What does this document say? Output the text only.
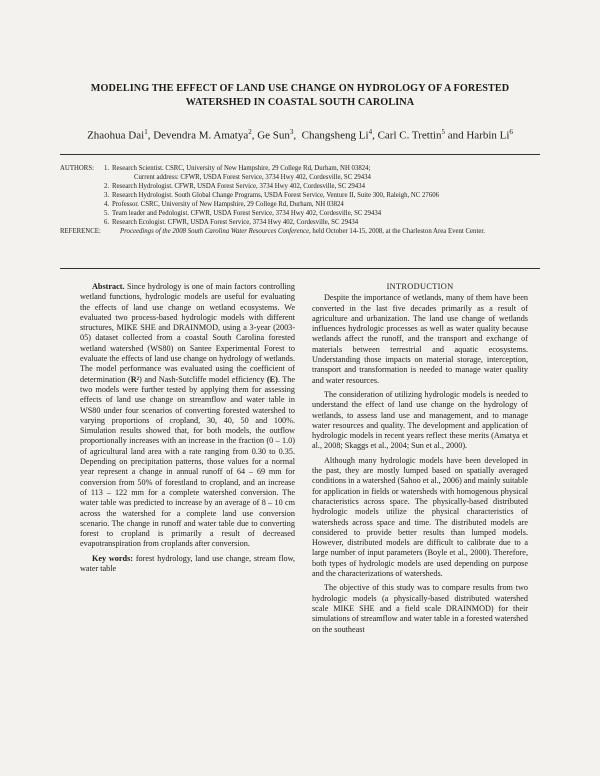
MODELING THE EFFECT OF LAND USE CHANGE ON HYDROLOGY OF A FORESTED
WATERSHED IN COASTAL SOUTH CAROLINA
Zhaohua Dai$^1$, Devendra M. Amatya$^2$, Ge Sun$^3$,  Changsheng Li$^4$, Carl C. Trettin$^5$ and Harbin Li$^6$
AUTHORS:	1. Research Scientist. CSRC, University of New Hampshire, 29 College Rd, Durham, NH 03824;
Current address: CFWR, USDA Forest Service, 3734 Hwy 402, Cordesville, SC 29434
2. Research Hydrologist. CFWR, USDA Forest Service, 3734 Hwy 402, Cordesville, SC 29434
3. Research Hydrologist. South Global Change Programs, USDA Forest Service, Venture II, Suite 300, Raleigh, NC 27606
4. Professor. CSRC, University of New Hampshire, 29 College Rd, Durham, NH 03824
5. Team leader and Pedologist. CFWR, USDA Forest Service, 3734 Hwy 402, Cordesville, SC 29434
6. Research Ecologist. CFWR, USDA Forest Service, 3734 Hwy 402, Cordesville, SC 29434
REFERENCE:	Proceedings of the 2008 South Carolina Water Resources Conference, held October 14-15, 2008, at the Charleston Area Event Center.

Abstract. Since hydrology is one of main factors controlling wetland functions, hydrologic models are useful for evaluating the effects of land use change on wetland ecosystems. We evaluated two process-based hydrologic models with different structures, MIKE SHE and DRAINMOD, using a 3-year (2003-05) dataset collected from a coastal South Carolina forested wetland watershed (WS80) on Santee Experimental Forest to evaluate the effects of land use change on hydrology of wetlands. The model performance was evaluated using the coefficient of determination (R²) and Nash-Sutcliffe model efficiency (E). The two models were further tested by applying them for assessing effects of land use change on streamflow and water table in WS80 under four scenarios of converting forested watershed to varying proportions of cropland, 30, 40, 50 and 100%. Simulation results showed that, for both models, the outflow proportionally increases with an increase in the fraction (0 – 1.0) of agricultural land area with a rate ranging from 0.30 to 0.35. Depending on precipitation patterns, those values for a normal year represent a change in annual runoff of 64 – 69 mm for conversion from 50% of forestland to cropland, and an increase of 113 – 122 mm for a complete watershed conversion. The water table was predicted to increase by an average of 8 – 10 cm across the watershed for a complete land use conversion scenario. The change in runoff and water table due to converting forest to cropland is primarily a result of decreased evapotranspiration from croplands after conversion.

Key words: forest hydrology, land use change, stream flow, water table

INTRODUCTION

Despite the importance of wetlands, many of them have been converted in the last five decades primarily as a result of agriculture and urbanization. The land use change of wetlands influences hydrologic processes as well as water quality because wetlands affect the runoff, and the transport and exchange of materials between terrestrial and aquatic ecosystems. Understanding those impacts on material storage, interception, transport and transformation is needed to manage water quality and water resources.

The consideration of utilizing hydrologic models is needed to understand the effect of land use change on the hydrology of wetlands, to assess land use and management, and to manage water resources and quality. The development and application of hydrologic models in recent years reflect these merits (Amatya et al., 2008; Skaggs et al., 2004; Sun et al., 2000).

Although many hydrologic models have been developed in the past, they are mostly lumped based on spatially averaged conditions in a watershed (Sahoo et al., 2006) and mainly suitable for application in fields or watersheds with homogenous physical characteristics across space. The physically-based distributed hydrologic models utilize the physical characteristics of watersheds across space and time. The distributed models are considered to provide better results than lumped models. However, distributed models are difficult to calibrate due to a large number of input parameters (Boyle et al., 2000). Therefore, both types of hydrologic models are used depending on purpose and the characterizations of watersheds.

The objective of this study was to compare results from two hydrologic models (a physically-based distributed watershed scale MIKE SHE and a field scale DRAINMOD) for their simulations of streamflow and water table in a forested watershed on the southeast
